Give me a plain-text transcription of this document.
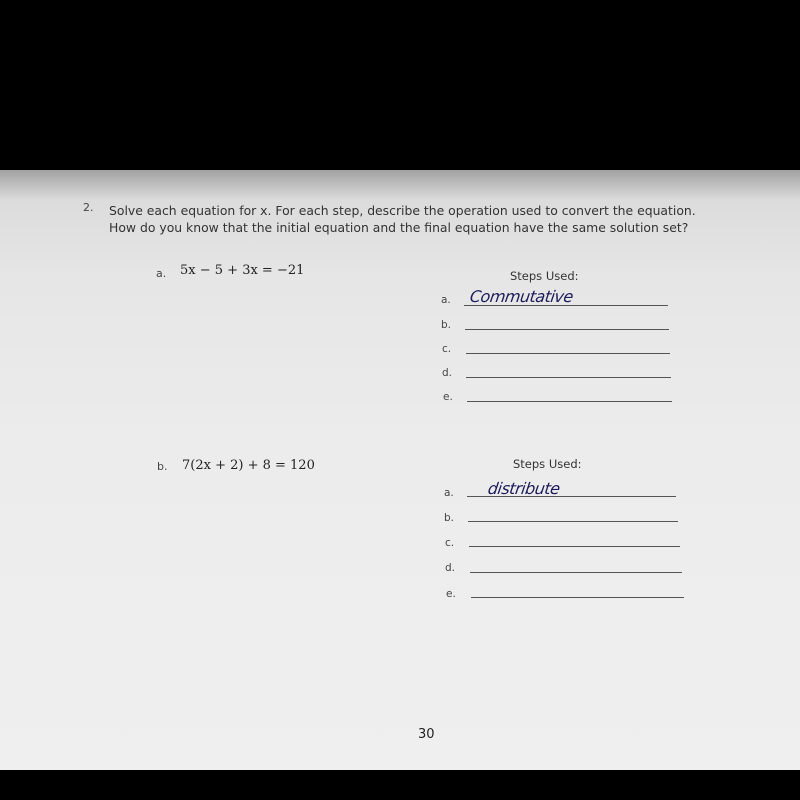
2. Solve each equation for x. For each step, describe the operation used to convert the equation.
How do you know that the initial equation and the final equation have the same solution set?
a. 5x − 5 + 3x = −21	Steps Used:
a. Commutative
b.
c.
d.
e.
b. 7(2x + 2) + 8 = 120	Steps Used:
a. distribute
b.
c.
d.
e.
30
